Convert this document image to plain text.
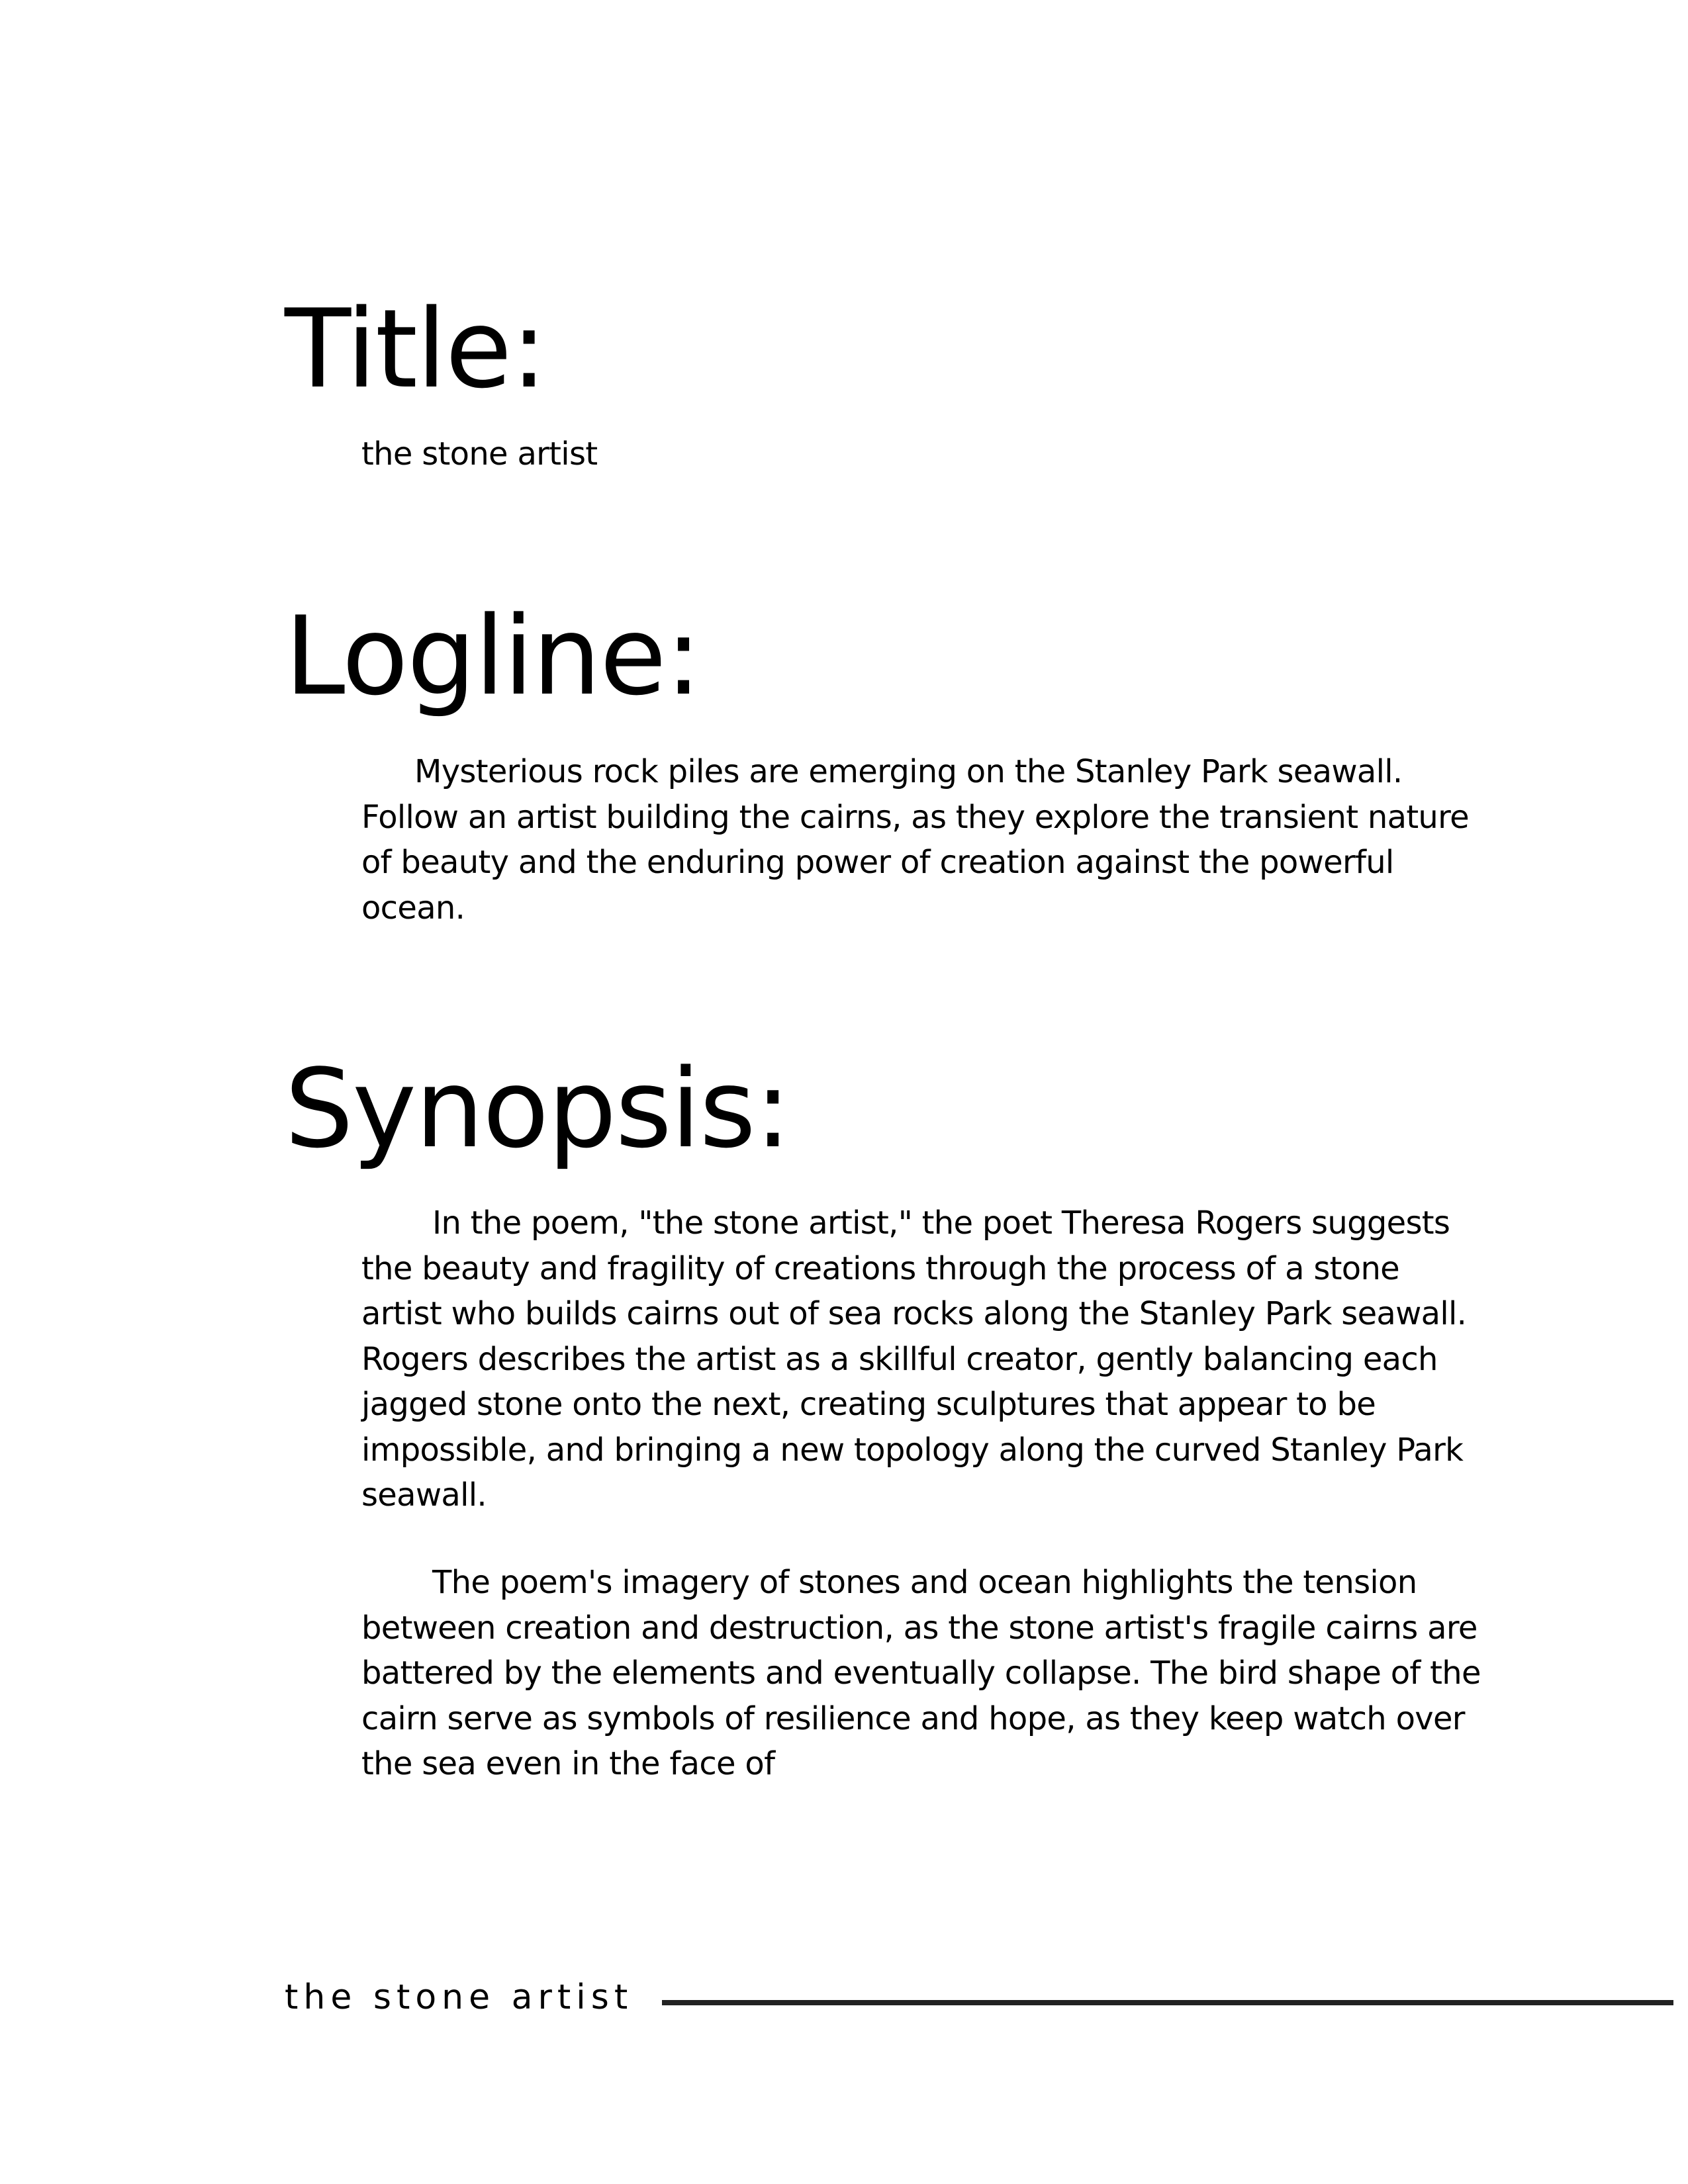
Title:

the stone artist

Logline:

Mysterious rock piles are emerging on the Stanley Park seawall. Follow an artist building the cairns, as they explore the transient nature of beauty and the enduring power of creation against the powerful ocean.

Synopsis:

In the poem, "the stone artist," the poet Theresa Rogers suggests the beauty and fragility of creations through the process of a stone artist who builds cairns out of sea rocks along the Stanley Park seawall. Rogers describes the artist as a skillful creator, gently balancing each jagged stone onto the next, creating sculptures that appear to be impossible, and bringing a new topology along the curved Stanley Park seawall.

The poem's imagery of stones and ocean highlights the tension between creation and destruction, as the stone artist's fragile cairns are battered by the elements and eventually collapse. The bird shape of the cairn serve as symbols of resilience and hope, as they keep watch over the sea even in the face of

the stone artist
